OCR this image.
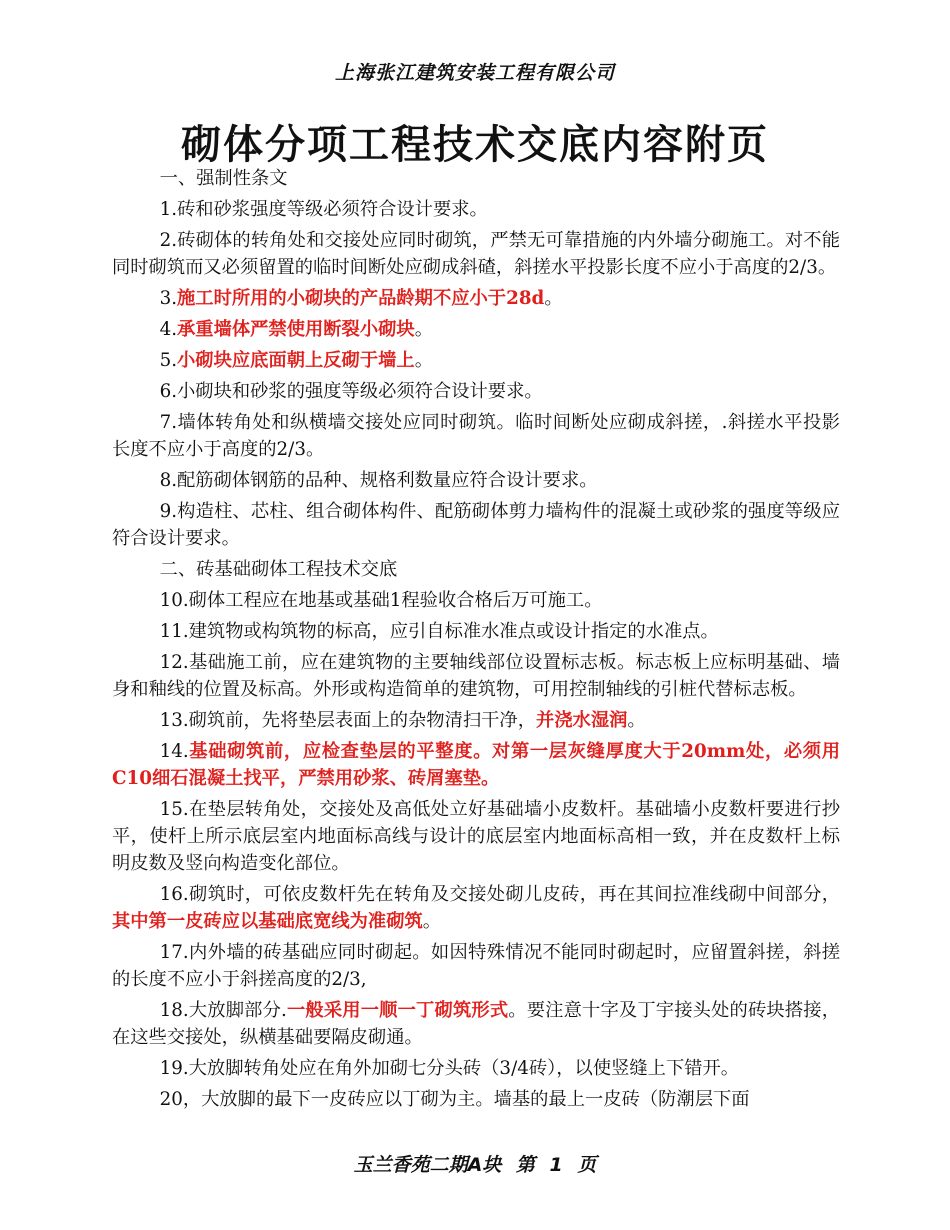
上海张江建筑安装工程有限公司
砌体分项工程技术交底内容附页

一、强制性条文

1.砖和砂浆强度等级必须符合设计要求。

2.砖砌体的转角处和交接处应同时砌筑，严禁无可靠措施的内外墙分砌施工。对不能同时砌筑而又必须留置的临时间断处应砌成斜碴，斜搓水平投影长度不应小于高度的2/3。

3.施工时所用的小砌块的产品龄期不应小于28d。

4.承重墙体严禁使用断裂小砌块。

5.小砌块应底面朝上反砌于墙上。

6.小砌块和砂浆的强度等级必须符合设计要求。

7.墙体转角处和纵横墙交接处应同时砌筑。临时间断处应砌成斜搓，.斜搓水平投影长度不应小于高度的2/3。

8.配筋砌体钢筋的品种、规格利数量应符合设计要求。

9.构造柱、芯柱、组合砌体构件、配筋砌体剪力墙构件的混凝土或砂浆的强度等级应符合设计要求。

二、砖基础砌体工程技术交底

10.砌体工程应在地基或基础1程验收合格后万可施工。

11.建筑物或构筑物的标高，应引自标准水准点或设计指定的水准点。

12.基础施工前，应在建筑物的主要轴线部位设置标志板。标志板上应标明基础、墙身和釉线的位置及标高。外形或构造简单的建筑物，可用控制轴线的引桩代替标志板。

13.砌筑前，先将垫层表面上的杂物清扫干净，并浇水湿润。

14.基础砌筑前，应检查垫层的平整度。对第一层灰缝厚度大于20mm处，必须用C10细石混凝土找平，严禁用砂浆、砖屑塞垫。

15.在垫层转角处，交接处及高低处立好基础墙小皮数杆。基础墙小皮数杆要进行抄平，使杆上所示底层室内地面标高线与设计的底层室内地面标高相一致，并在皮数杆上标明皮数及竖向构造变化部位。

16.砌筑时，可依皮数杆先在转角及交接处砌儿皮砖，再在其间拉准线砌中间部分，其中第一皮砖应以基础底宽线为准砌筑。

17.内外墙的砖基础应同时砌起。如因特殊情况不能同时砌起时，应留置斜搓，斜搓的长度不应小于斜搓高度的2/3,

18.大放脚部分.一般采用一顺一丁砌筑形式。要注意十字及丁宇接头处的砖块搭接，在这些交接处，纵横基础要隔皮砌通。

19.大放脚转角处应在角外加砌七分头砖（3/4砖），以使竖缝上下错开。

20，大放脚的最下一皮砖应以丁砌为主。墙基的最上一皮砖（防潮层下面

玉兰香苑二期A块 第 1 页
